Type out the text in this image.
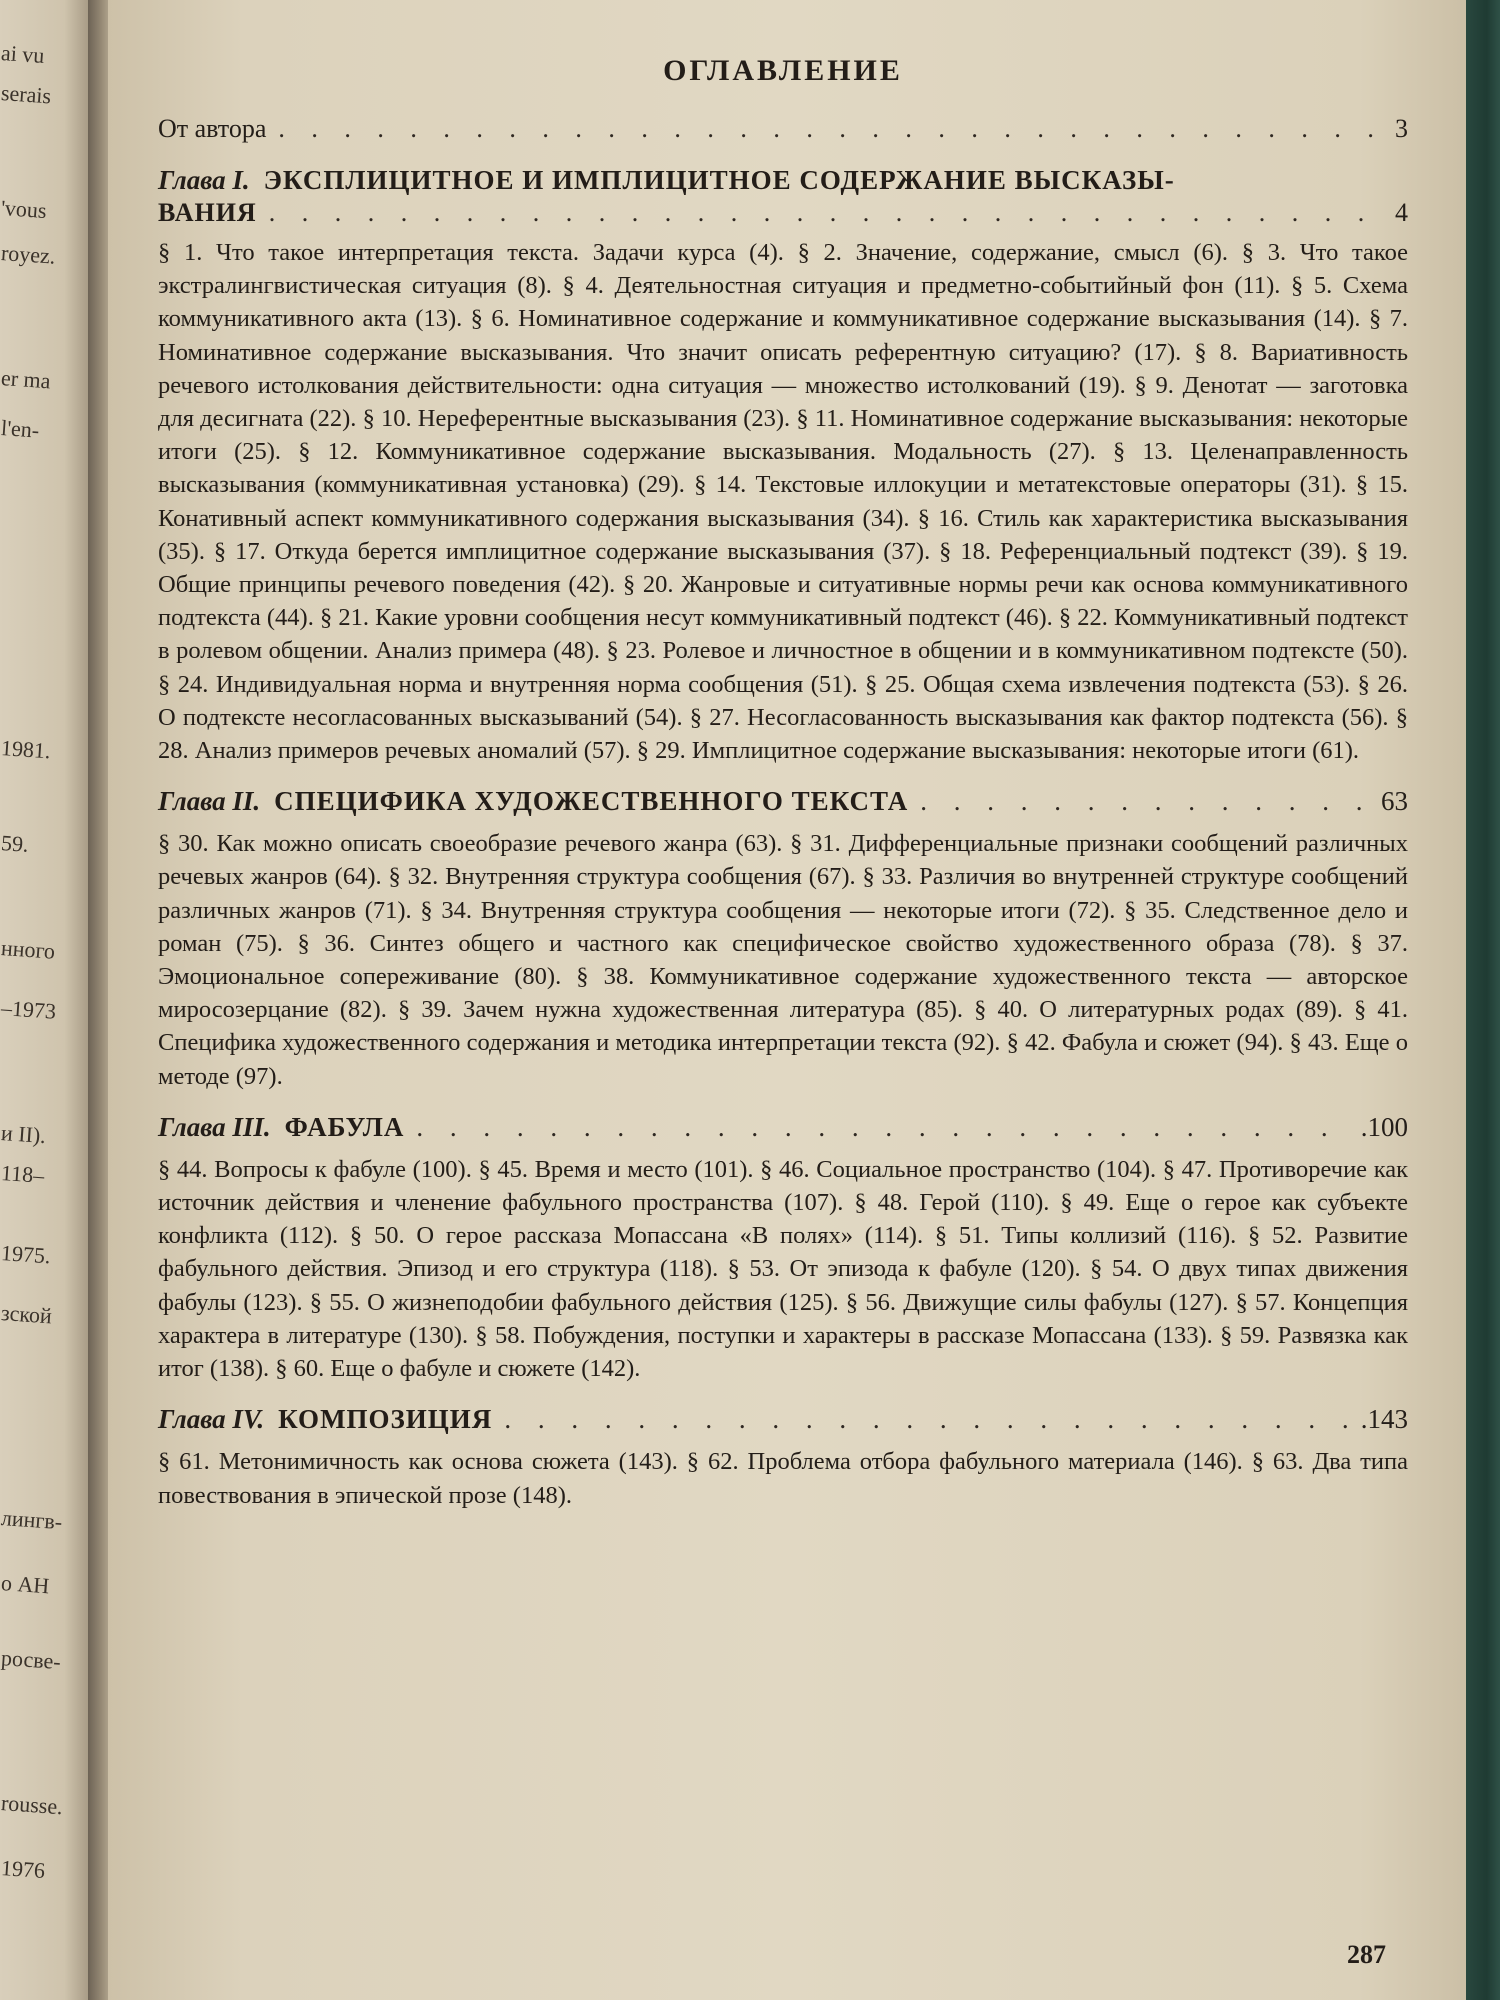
ai vu
serais
'vous
royez.
er ma
l'en-
1981.
59.
нного
–1973
и II).
118–
1975.
зской
лингв-
о АН
росве-
rousse.
1976
ОГЛАВЛЕНИЕ
От автора . . .	3
Глава I. ЭКСПЛИЦИТНОЕ И ИМПЛИЦИТНОЕ СОДЕРЖАНИЕ ВЫСКАЗЫ-
ВАНИЯ . . .	4
§ 1. Что такое интерпретация текста. Задачи курса (4). § 2. Значение, содержание, смысл (6). § 3. Что такое экстралингвистическая ситуация (8). § 4. Деятельностная ситуация и предметно-событийный фон (11). § 5. Схема коммуникативного акта (13). § 6. Номинативное содержание и коммуникативное содержание высказывания (14). § 7. Номинативное содержание высказывания. Что значит описать референтную ситуацию? (17). § 8. Вариативность речевого истолкования действительности: одна ситуация — множество истолкований (19). § 9. Денотат — заготовка для десигната (22). § 10. Нереферентные высказывания (23). § 11. Номинативное содержание высказывания: некоторые итоги (25). § 12. Коммуникативное содержание высказывания. Модальность (27). § 13. Целенаправленность высказывания (коммуникативная установка) (29). § 14. Текстовые иллокуции и метатекстовые операторы (31). § 15. Конативный аспект коммуникативного содержания высказывания (34). § 16. Стиль как характеристика высказывания (35). § 17. Откуда берется имплицитное содержание высказывания (37). § 18. Референциальный подтекст (39). § 19. Общие принципы речевого поведения (42). § 20. Жанровые и ситуативные нормы речи как основа коммуникативного подтекста (44). § 21. Какие уровни сообщения несут коммуникативный подтекст (46). § 22. Коммуникативный подтекст в ролевом общении. Анализ примера (48). § 23. Ролевое и личностное в общении и в коммуникативном подтексте (50). § 24. Индивидуальная норма и внутренняя норма сообщения (51). § 25. Общая схема извлечения подтекста (53). § 26. О подтексте несогласованных высказываний (54). § 27. Несогласованность высказывания как фактор подтекста (56). § 28. Анализ примеров речевых аномалий (57). § 29. Имплицитное содержание высказывания: некоторые итоги (61).
Глава II. СПЕЦИФИКА ХУДОЖЕСТВЕННОГО ТЕКСТА . . .	63
§ 30. Как можно описать своеобразие речевого жанра (63). § 31. Дифференциальные признаки сообщений различных речевых жанров (64). § 32. Внутренняя структура сообщения (67). § 33. Различия во внутренней структуре сообщений различных жанров (71). § 34. Внутренняя структура сообщения — некоторые итоги (72). § 35. Следственное дело и роман (75). § 36. Синтез общего и частного как специфическое свойство художественного образа (78). § 37. Эмоциональное сопереживание (80). § 38. Коммуникативное содержание художественного текста — авторское миросозерцание (82). § 39. Зачем нужна художественная литература (85). § 40. О литературных родах (89). § 41. Специфика художественного содержания и методика интерпретации текста (92). § 42. Фабула и сюжет (94). § 43. Еще о методе (97).
Глава III. ФАБУЛА . . .	.100
§ 44. Вопросы к фабуле (100). § 45. Время и место (101). § 46. Социальное пространство (104). § 47. Противоречие как источник действия и членение фабульного пространства (107). § 48. Герой (110). § 49. Еще о герое как субъекте конфликта (112). § 50. О герое рассказа Мопассана «В полях» (114). § 51. Типы коллизий (116). § 52. Развитие фабульного действия. Эпизод и его структура (118). § 53. От эпизода к фабуле (120). § 54. О двух типах движения фабулы (123). § 55. О жизнеподобии фабульного действия (125). § 56. Движущие силы фабулы (127). § 57. Концепция характера в литературе (130). § 58. Побуждения, поступки и характеры в рассказе Мопассана (133). § 59. Развязка как итог (138). § 60. Еще о фабуле и сюжете (142).
Глава IV. КОМПОЗИЦИЯ . . .	.143
§ 61. Метонимичность как основа сюжета (143). § 62. Проблема отбора фабульного материала (146). § 63. Два типа повествования в эпической прозе (148).
287
